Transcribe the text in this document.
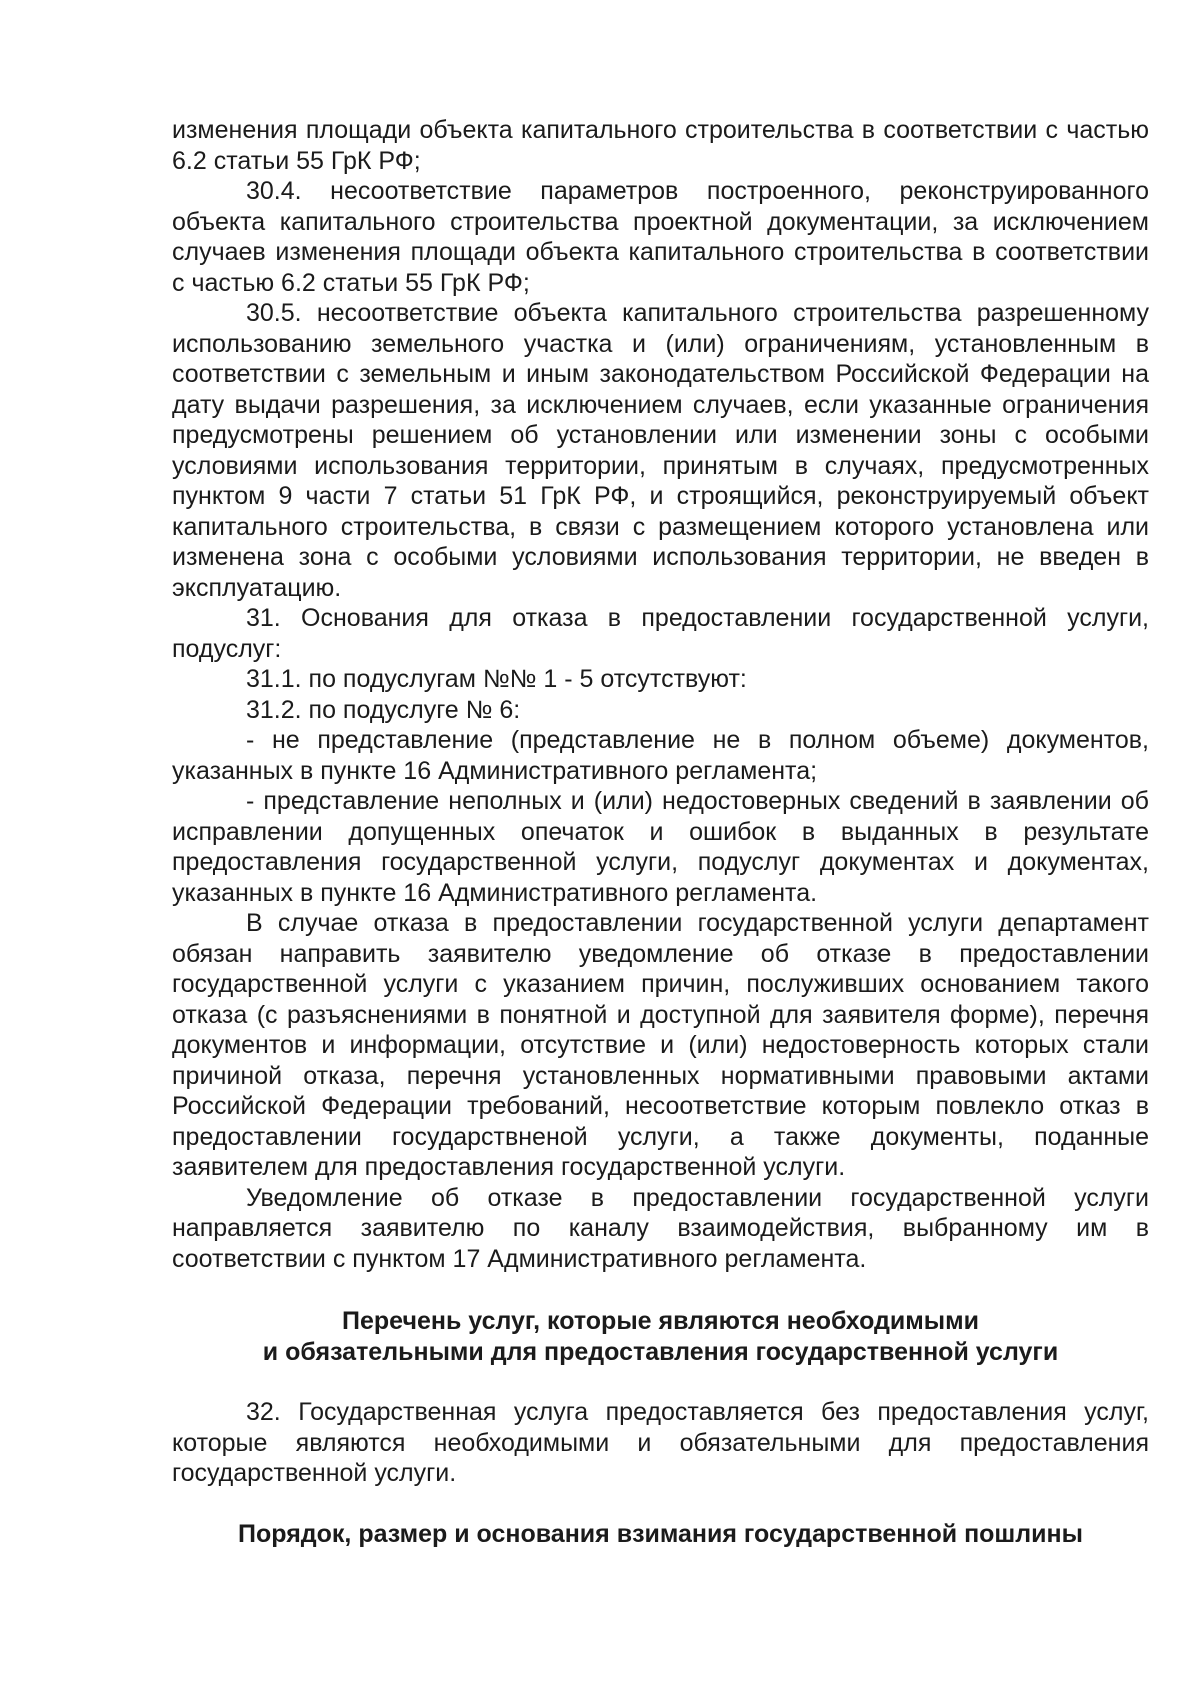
изменения площади объекта капитального строительства в соответствии с частью 6.2 статьи 55 ГрК РФ;

30.4. несоответствие параметров построенного, реконструированного объекта капитального строительства проектной документации, за исключением случаев изменения площади объекта капитального строительства в соответствии с частью 6.2 статьи 55 ГрК РФ;

30.5. несоответствие объекта капитального строительства разрешенному использованию земельного участка и (или) ограничениям, установленным в соответствии с земельным и иным законодательством Российской Федерации на дату выдачи разрешения, за исключением случаев, если указанные ограничения предусмотрены решением об установлении или изменении зоны с особыми условиями использования территории, принятым в случаях, предусмотренных пунктом 9 части 7 статьи 51 ГрК РФ, и строящийся, реконструируемый объект капитального строительства, в связи с размещением которого установлена или изменена зона с особыми условиями использования территории, не введен в эксплуатацию.

31. Основания для отказа в предоставлении государственной услуги, подуслуг:

31.1. по подуслугам №№ 1 - 5 отсутствуют:

31.2. по подуслуге № 6:

- не представление (представление не в полном объеме) документов, указанных в пункте 16 Административного регламента;

- представление неполных и (или) недостоверных сведений в заявлении об исправлении допущенных опечаток и ошибок в выданных в результате предоставления государственной услуги, подуслуг документах и документах, указанных в пункте 16 Административного регламента.

В случае отказа в предоставлении государственной услуги департамент обязан направить заявителю уведомление об отказе в предоставлении государственной услуги с указанием причин, послуживших основанием такого отказа (с разъяснениями в понятной и доступной для заявителя форме), перечня документов и информации, отсутствие и (или) недостоверность которых стали причиной отказа, перечня установленных нормативными правовыми актами Российской Федерации требований, несоответствие которым повлекло отказ в предоставлении государствненой услуги, а также документы, поданные заявителем для предоставления государственной услуги.

Уведомление об отказе в предоставлении государственной услуги направляется заявителю по каналу взаимодействия, выбранному им в соответствии с пунктом 17 Административного регламента.

Перечень услуг, которые являются необходимыми

и обязательными для предоставления государственной услуги

32. Государственная услуга предоставляется без предоставления услуг, которые являются необходимыми и обязательными для предоставления государственной услуги.

Порядок, размер и основания взимания государственной пошлины
